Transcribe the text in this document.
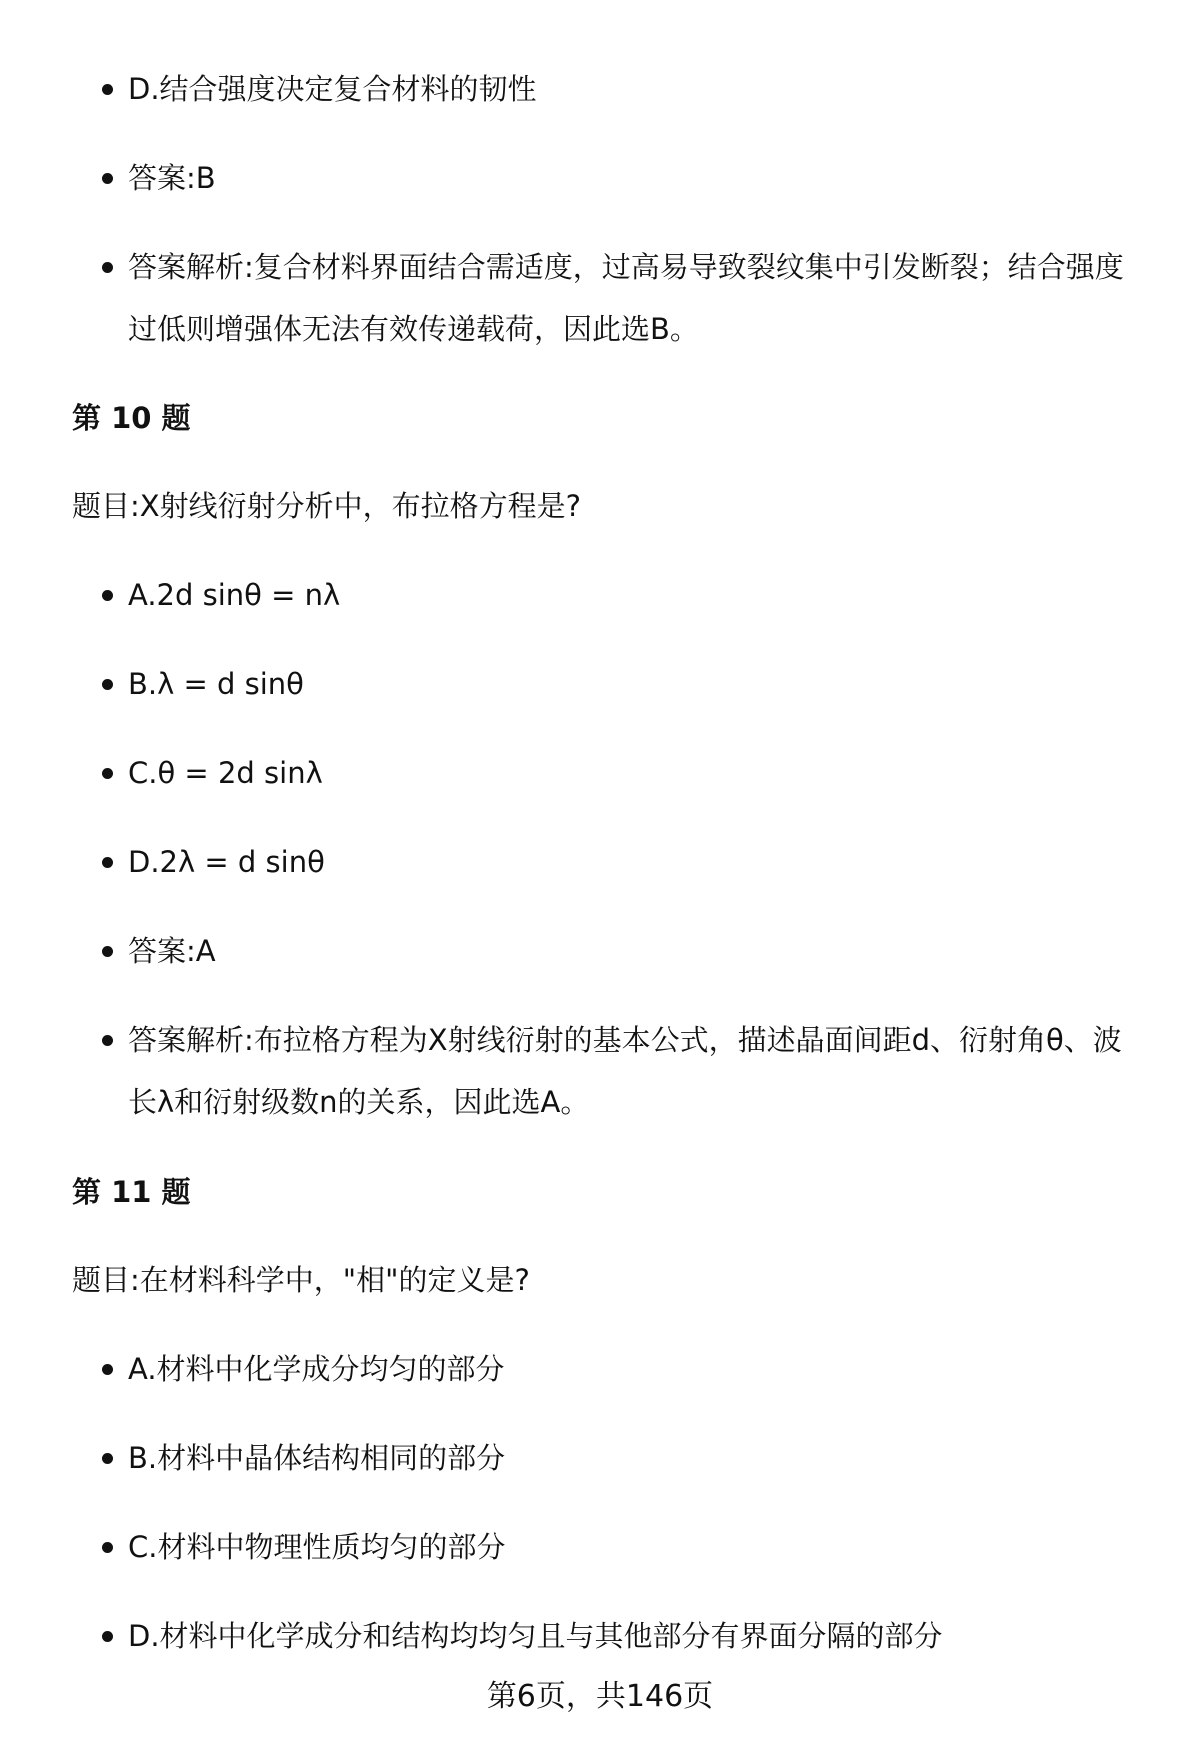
D.结合强度决定复合材料的韧性
答案:B
答案解析:复合材料界面结合需适度，过高易导致裂纹集中引发断裂；结合强度过低则增强体无法有效传递载荷，因此选B。
第 10 题
题目:X射线衍射分析中，布拉格方程是?
A.2d sinθ = nλ
B.λ = d sinθ
C.θ = 2d sinλ
D.2λ = d sinθ
答案:A
答案解析:布拉格方程为X射线衍射的基本公式，描述晶面间距d、衍射角θ、波长λ和衍射级数n的关系，因此选A。
第 11 题
题目:在材料科学中，"相"的定义是?
A.材料中化学成分均匀的部分
B.材料中晶体结构相同的部分
C.材料中物理性质均匀的部分
D.材料中化学成分和结构均均匀且与其他部分有界面分隔的部分
第6页，共146页
